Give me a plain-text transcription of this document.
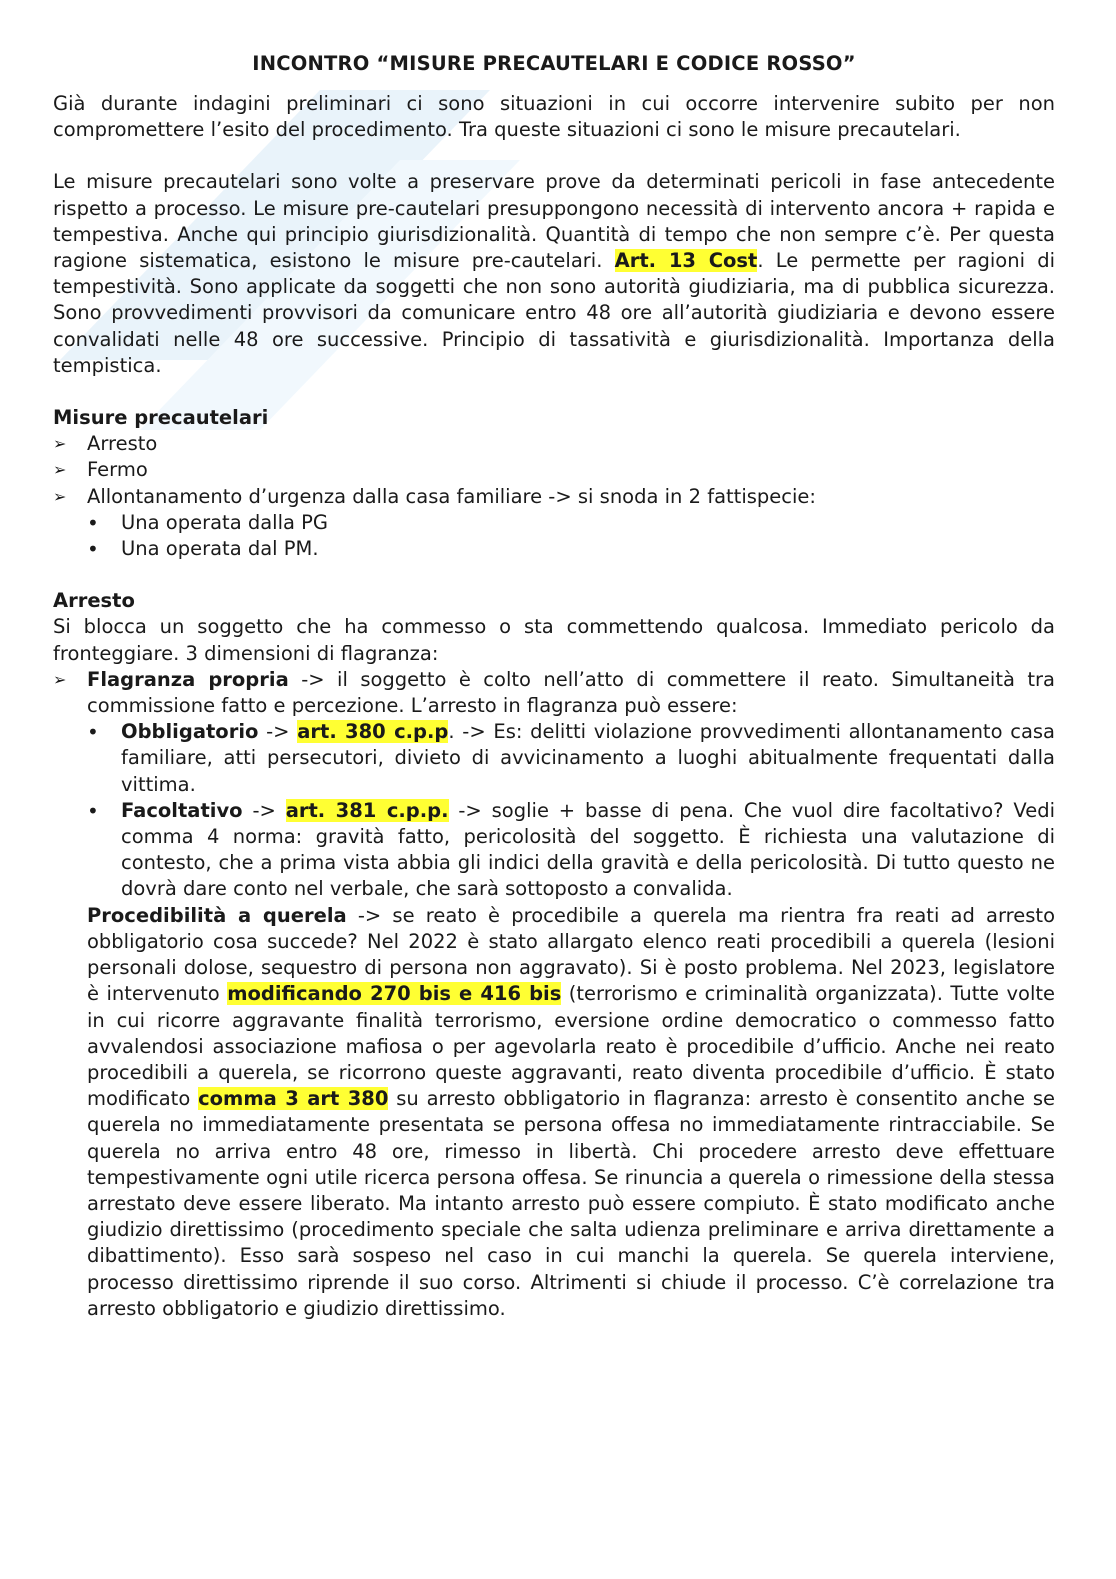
INCONTRO “MISURE PRECAUTELARI E CODICE ROSSO”

Già durante indagini preliminari ci sono situazioni in cui occorre intervenire subito per non compromettere l’esito del procedimento. Tra queste situazioni ci sono le misure precautelari.

Le misure precautelari sono volte a preservare prove da determinati pericoli in fase antecedente rispetto a processo. Le misure pre-cautelari presuppongono necessità di intervento ancora + rapida e tempestiva. Anche qui principio giurisdizionalità. Quantità di tempo che non sempre c’è. Per questa ragione sistematica, esistono le misure pre-cautelari. Art. 13 Cost. Le permette per ragioni di tempestività. Sono applicate da soggetti che non sono autorità giudiziaria, ma di pubblica sicurezza. Sono provvedimenti provvisori da comunicare entro 48 ore all’autorità giudiziaria e devono essere convalidati nelle 48 ore successive. Principio di tassatività e giurisdizionalità. Importanza della tempistica.

Misure precautelari
➢ Arresto
➢ Fermo
➢ Allontanamento d’urgenza dalla casa familiare -> si snoda in 2 fattispecie:
• Una operata dalla PG
• Una operata dal PM.
Arresto

Si blocca un soggetto che ha commesso o sta commettendo qualcosa. Immediato pericolo da fronteggiare. 3 dimensioni di flagranza:

➢ Flagranza propria -> il soggetto è colto nell’atto di commettere il reato. Simultaneità tra commissione fatto e percezione. L’arresto in flagranza può essere:
• Obbligatorio -> art. 380 c.p.p. -> Es: delitti violazione provvedimenti allontanamento casa familiare, atti persecutori, divieto di avvicinamento a luoghi abitualmente frequentati dalla vittima.
• Facoltativo -> art. 381 c.p.p. -> soglie + basse di pena. Che vuol dire facoltativo? Vedi comma 4 norma: gravità fatto, pericolosità del soggetto. È richiesta una valutazione di contesto, che a prima vista abbia gli indici della gravità e della pericolosità. Di tutto questo ne dovrà dare conto nel verbale, che sarà sottoposto a convalida.

Procedibilità a querela -> se reato è procedibile a querela ma rientra fra reati ad arresto obbligatorio cosa succede? Nel 2022 è stato allargato elenco reati procedibili a querela (lesioni personali dolose, sequestro di persona non aggravato). Si è posto problema. Nel 2023, legislatore è intervenuto modificando 270 bis e 416 bis (terrorismo e criminalità organizzata). Tutte volte in cui ricorre aggravante finalità terrorismo, eversione ordine democratico o commesso fatto avvalendosi associazione mafiosa o per agevolarla reato è procedibile d’ufficio. Anche nei reato procedibili a querela, se ricorrono queste aggravanti, reato diventa procedibile d’ufficio. È stato modificato comma 3 art 380 su arresto obbligatorio in flagranza: arresto è consentito anche se querela no immediatamente presentata se persona offesa no immediatamente rintracciabile. Se querela no arriva entro 48 ore, rimesso in libertà. Chi procedere arresto deve effettuare tempestivamente ogni utile ricerca persona offesa. Se rinuncia a querela o rimessione della stessa arrestato deve essere liberato. Ma intanto arresto può essere compiuto. È stato modificato anche giudizio direttissimo (procedimento speciale che salta udienza preliminare e arriva direttamente a dibattimento). Esso sarà sospeso nel caso in cui manchi la querela. Se querela interviene, processo direttissimo riprende il suo corso. Altrimenti si chiude il processo. C’è correlazione tra arresto obbligatorio e giudizio direttissimo.
